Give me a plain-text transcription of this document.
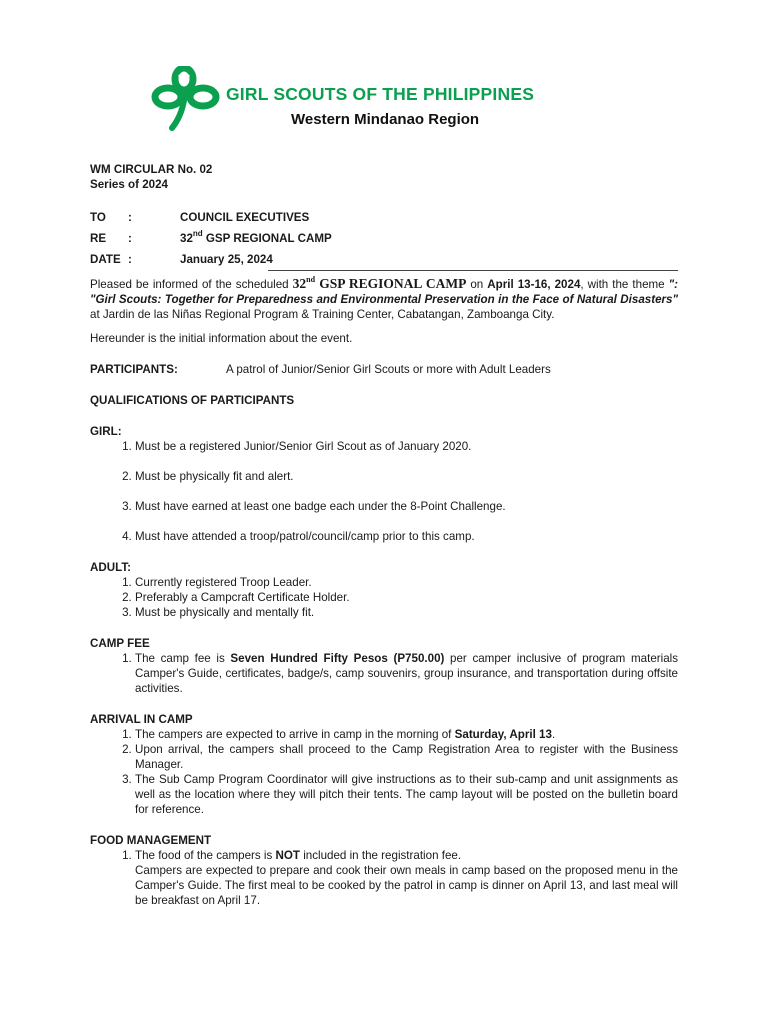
GIRL SCOUTS OF THE PHILIPPINES
Western Mindanao Region
WM CIRCULAR No. 02
Series of 2024
TO	:	COUNCIL EXECUTIVES
RE	:	32nd GSP REGIONAL CAMP
DATE :	January 25, 2024
Pleased be informed of the scheduled 32nd GSP REGIONAL CAMP on April 13-16, 2024, with the theme ": "Girl Scouts: Together for Preparedness and Environmental Preservation in the Face of Natural Disasters" at Jardin de las Niñas Regional Program & Training Center, Cabatangan, Zamboanga City.
Hereunder is the initial information about the event.
PARTICIPANTS:	A patrol of Junior/Senior Girl Scouts or more with Adult Leaders
QUALIFICATIONS OF PARTICIPANTS
GIRL:
1. Must be a registered Junior/Senior Girl Scout as of January 2020.
2. Must be physically fit and alert.
3. Must have earned at least one badge each under the 8-Point Challenge.
4. Must have attended a troop/patrol/council/camp prior to this camp.
ADULT:
1. Currently registered Troop Leader.
2. Preferably a Campcraft Certificate Holder.
3. Must be physically and mentally fit.
CAMP FEE
1. The camp fee is Seven Hundred Fifty Pesos (P750.00) per camper inclusive of program materials Camper's Guide, certificates, badge/s, camp souvenirs, group insurance, and transportation during offsite activities.
ARRIVAL IN CAMP
1. The campers are expected to arrive in camp in the morning of Saturday, April 13.
2. Upon arrival, the campers shall proceed to the Camp Registration Area to register with the Business Manager.
3. The Sub Camp Program Coordinator will give instructions as to their sub-camp and unit assignments as well as the location where they will pitch their tents. The camp layout will be posted on the bulletin board for reference.
FOOD MANAGEMENT
1. The food of the campers is NOT included in the registration fee.
Campers are expected to prepare and cook their own meals in camp based on the proposed menu in the Camper's Guide. The first meal to be cooked by the patrol in camp is dinner on April 13, and last meal will be breakfast on April 17.
